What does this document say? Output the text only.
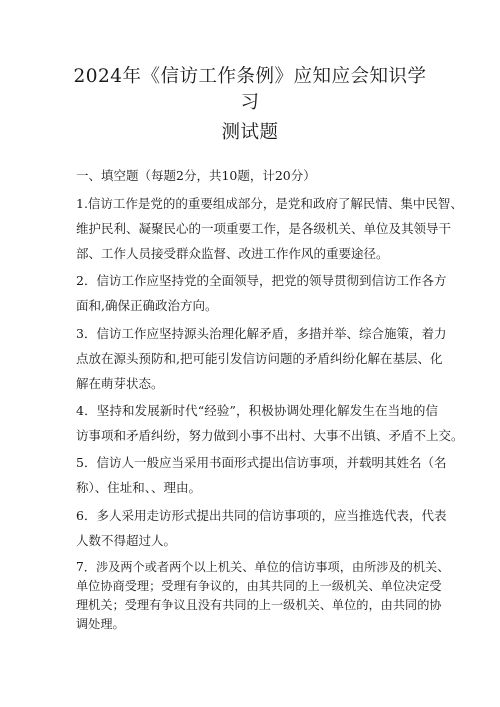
2024年《信访工作条例》应知应会知识学
习
测试题
一、填空题（每题2分，共10题，计20分）
1.信访工作是党的的重要组成部分，是党和政府了解民情、集中民智、
维护民利、凝聚民心的一项重要工作，是各级机关、单位及其领导干
部、工作人员接受群众监督、改进工作作风的重要途径。
2．信访工作应坚持党的全面领导，把党的领导贯彻到信访工作各方
面和,确保正确政治方向。
3．信访工作应坚持源头治理化解矛盾，多措并举、综合施策，着力
点放在源头预防和,把可能引发信访问题的矛盾纠纷化解在基层、化
解在萌芽状态。
4．坚持和发展新时代“经验”，积极协调处理化解发生在当地的信
访事项和矛盾纠纷，努力做到小事不出村、大事不出镇、矛盾不上交。
5．信访人一般应当采用书面形式提出信访事项，并载明其姓名（名
称）、住址和、、理由。
6．多人采用走访形式提出共同的信访事项的，应当推选代表，代表
人数不得超过人。
7．涉及两个或者两个以上机关、单位的信访事项，由所涉及的机关、
单位协商受理；受理有争议的，由其共同的上一级机关、单位决定受
理机关；受理有争议且没有共同的上一级机关、单位的，由共同的协
调处理。
